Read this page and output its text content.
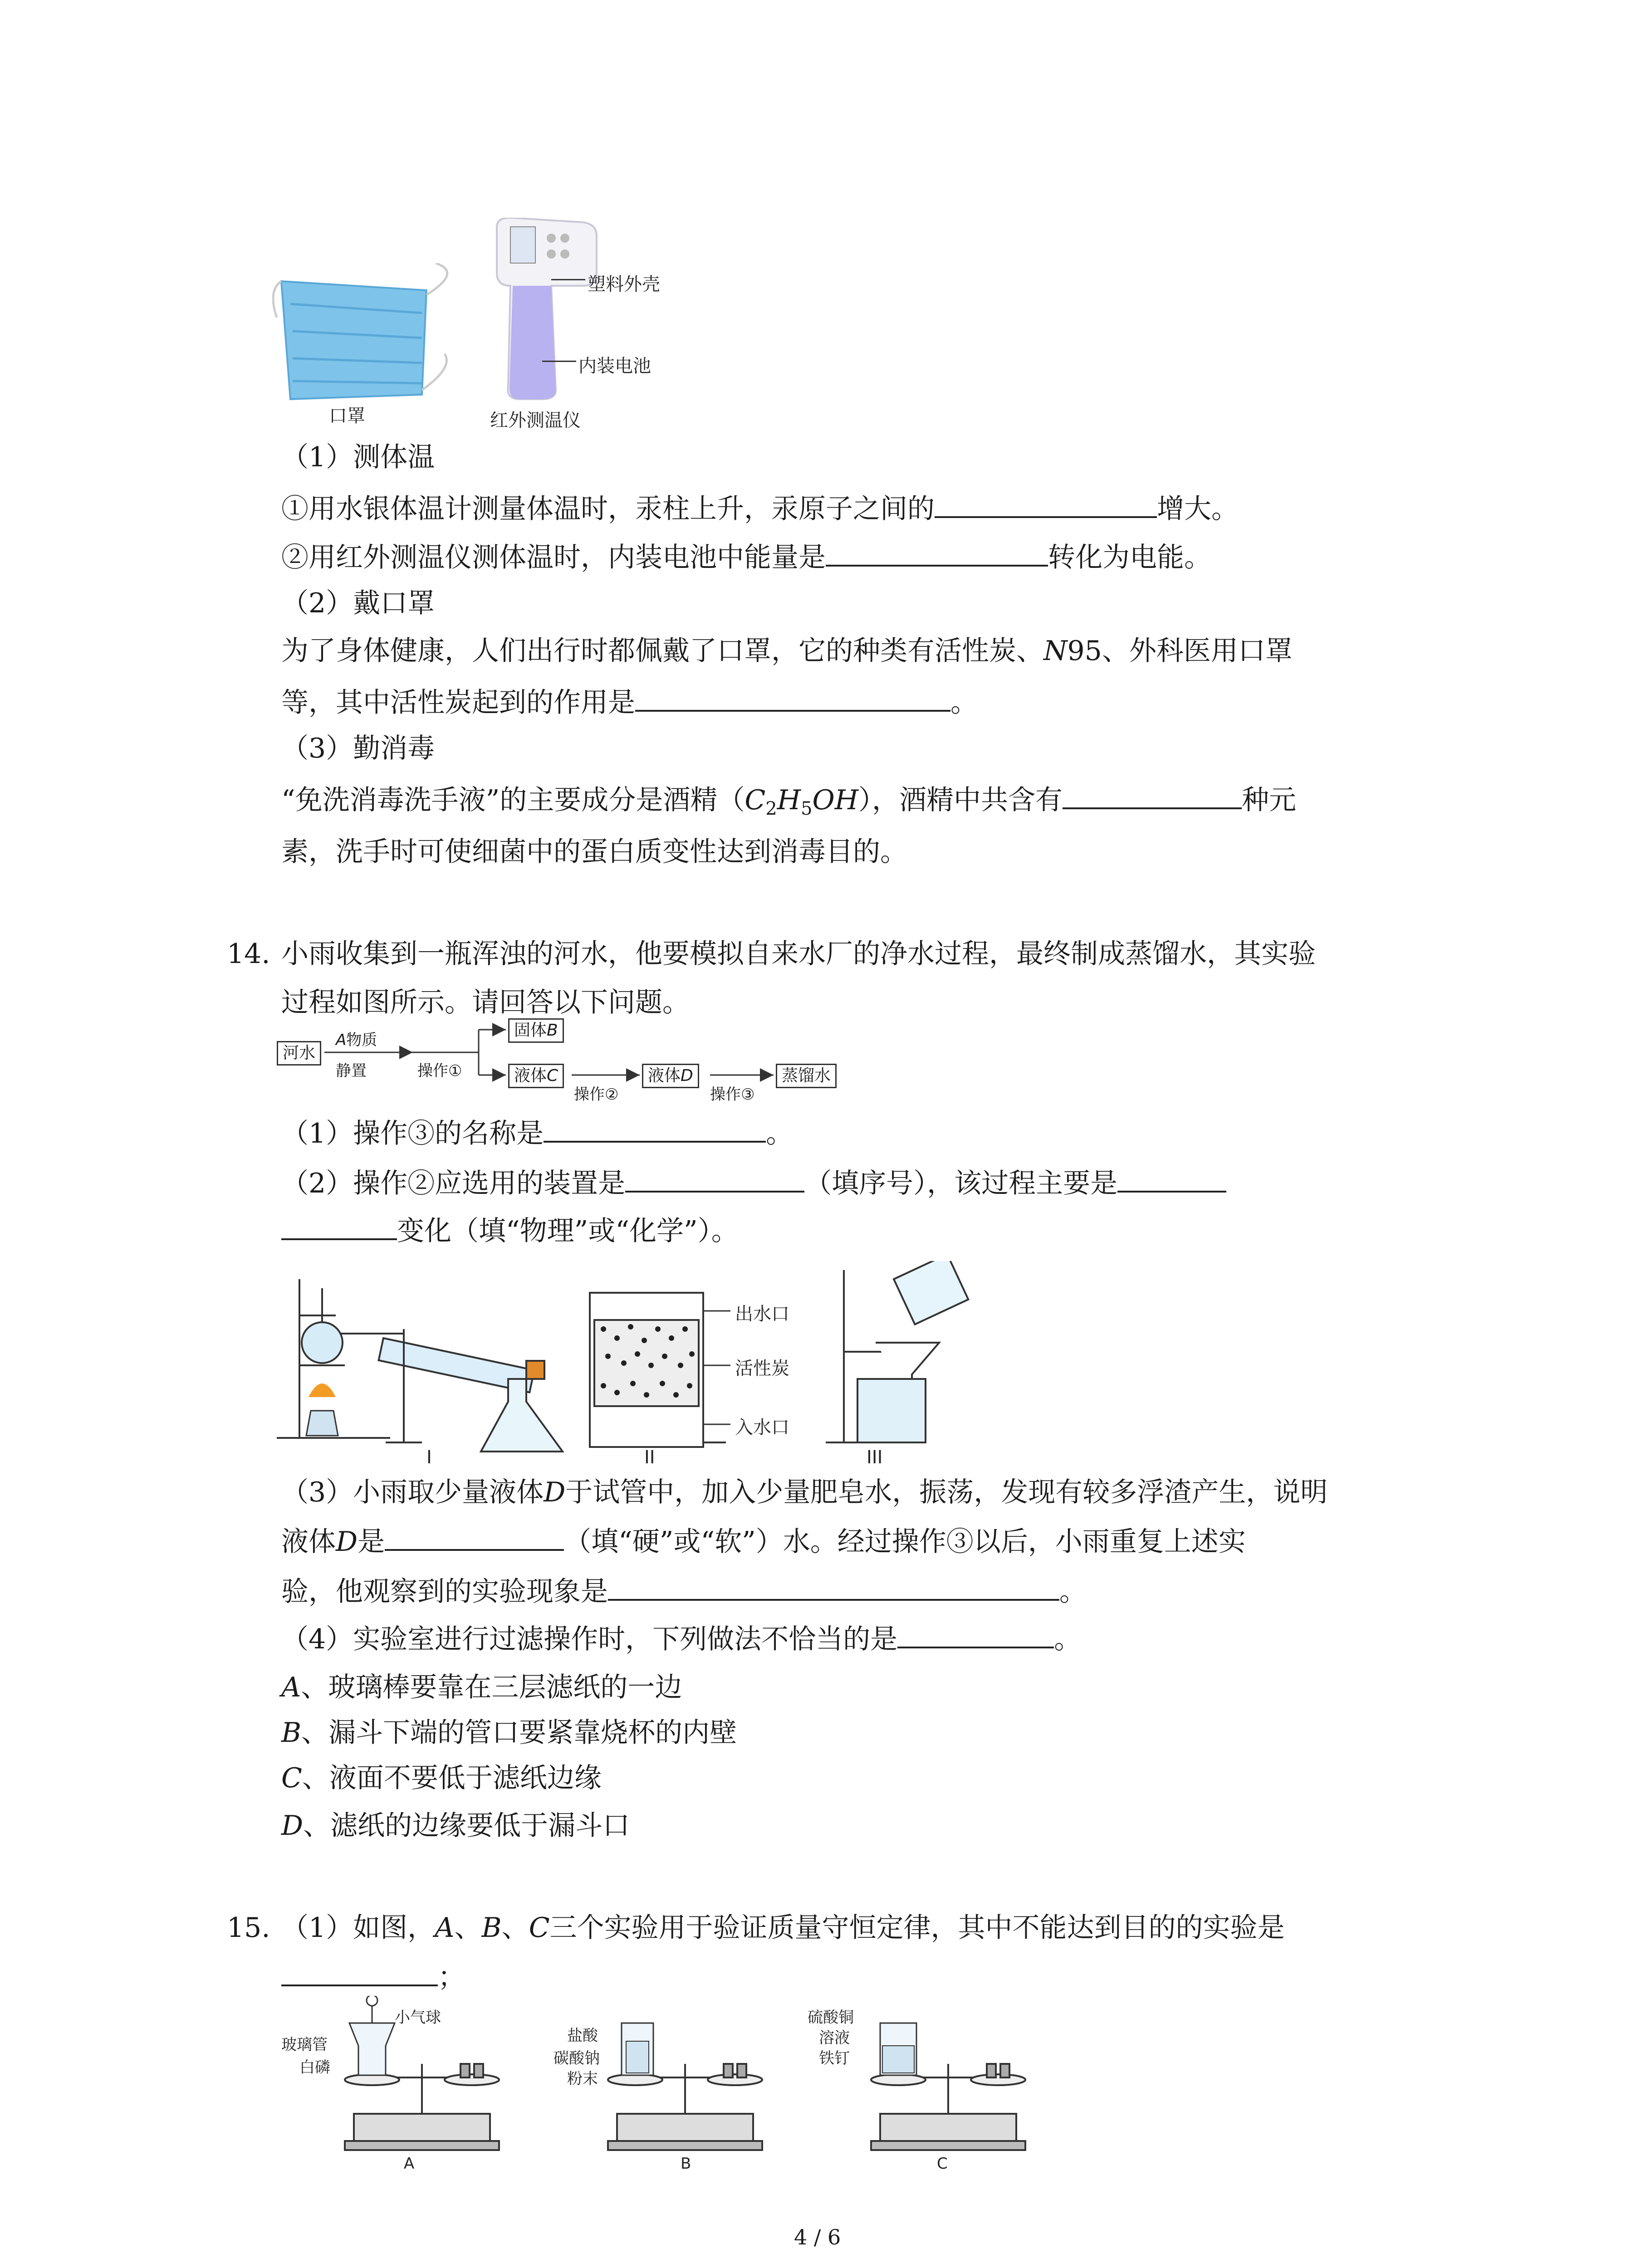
口罩
塑料外壳
内装电池
红外测温仪
（1）测体温
①用水银体温计测量体温时，汞柱上升，汞原子之间的	增大。
②用红外测温仪测体温时，内装电池中能量是	转化为电能。
（2）戴口罩
为了身体健康，人们出行时都佩戴了口罩，它的种类有活性炭、N95、外科医用口罩
等，其中活性炭起到的作用是	。
（3）勤消毒
“免洗消毒洗手液”的主要成分是酒精$(C_2H_5OH)$，酒精中共含有	种元
素，洗手时可使细菌中的蛋白质变性达到消毒目的。
14. 小雨收集到一瓶浑浊的河水，他要模拟自来水厂的净水过程，最终制成蒸馏水，其实验
过程如图所示。请回答以下问题。
河水
A物质
静置	操作①
固体B
液体C
操作②
液体D
操作③
蒸馏水
（1）操作③的名称是	。
（2）操作②应选用的装置是	（填序号），该过程主要是
变化（填“物理”或“化学”）。
出水口
活性炭
入水口
I	II	III
（3）小雨取少量液体D于试管中，加入少量肥皂水，振荡，发现有较多浮渣产生，说明
液体D是	（填“硬”或“软”）水。经过操作③以后，小雨重复上述实
验，他观察到的实验现象是	。
（4）实验室进行过滤操作时，下列做法不恰当的是	。
A、玻璃棒要靠在三层滤纸的一边
B、漏斗下端的管口要紧靠烧杯的内壁
C、液面不要低于滤纸边缘
D、滤纸的边缘要低于漏斗口
15. （1）如图，A、B、C三个实验用于验证质量守恒定律，其中不能达到目的的实验是
；
玻璃管
小气球
白磷
盐酸
碳酸钠
粉末
硫酸铜
溶液
铁钉
A	B	C
4 / 6
